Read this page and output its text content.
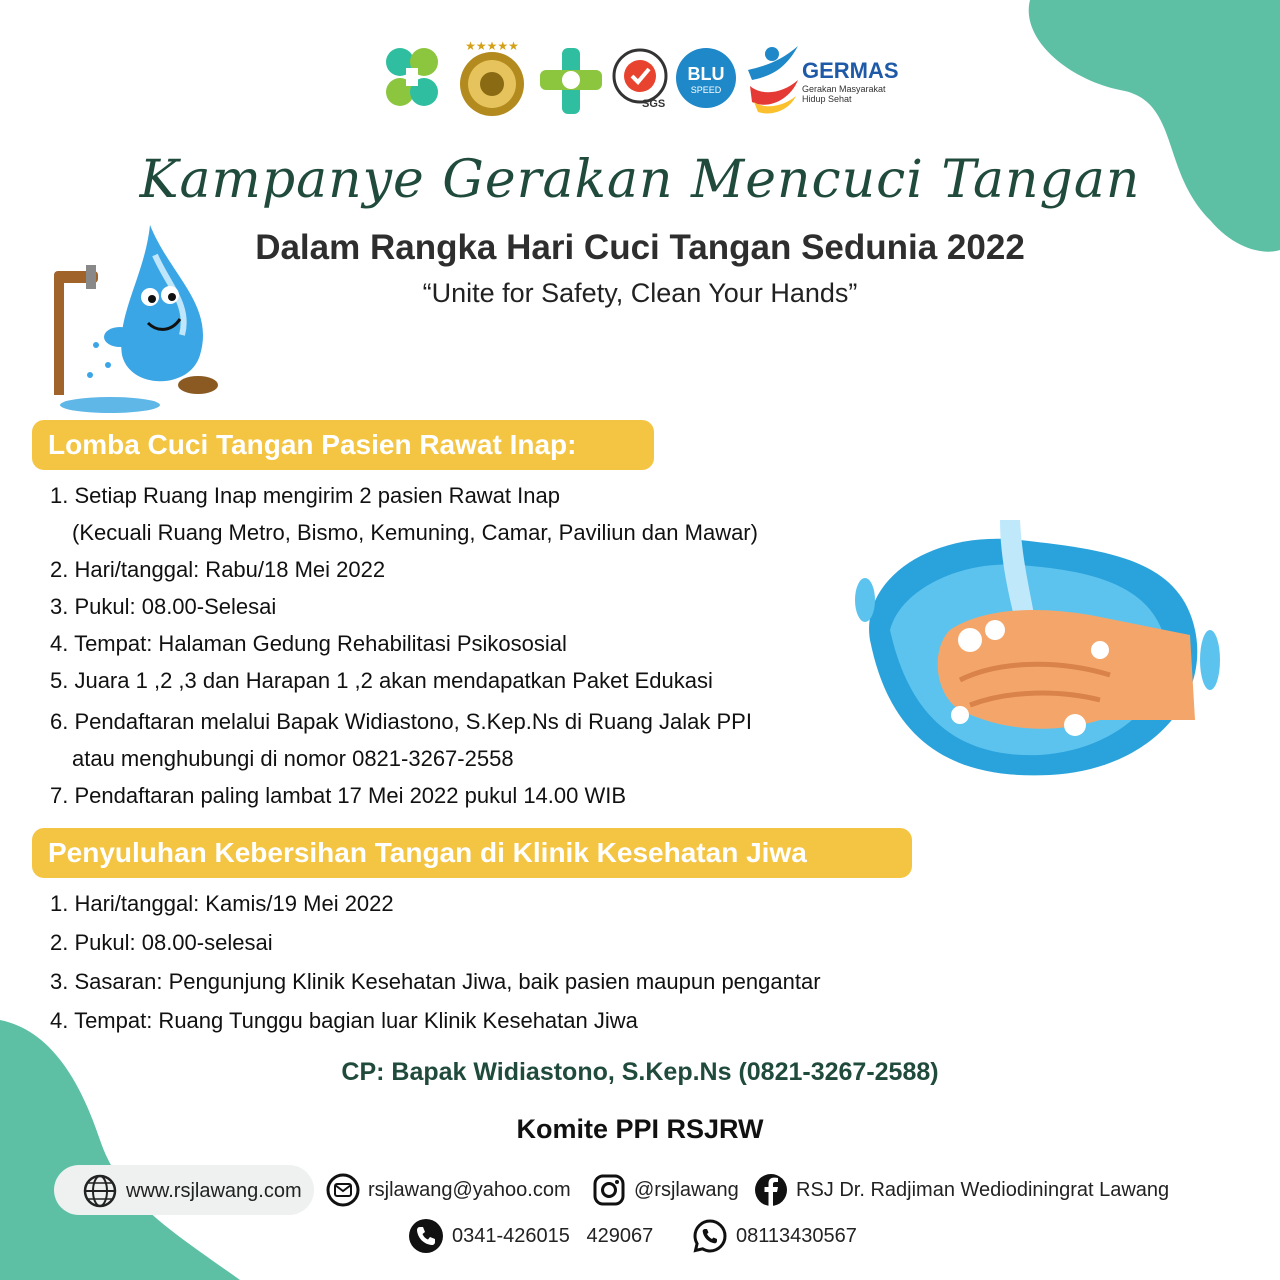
★★★★★
SGS
BLU
SPEED
GERMAS
Gerakan Masyarakat Hidup Sehat
Kampanye Gerakan Mencuci Tangan
Dalam Rangka Hari Cuci Tangan Sedunia 2022
“Unite for Safety, Clean Your Hands”
Lomba Cuci Tangan Pasien Rawat Inap:
1. Setiap Ruang Inap mengirim 2 pasien Rawat Inap
(Kecuali Ruang Metro, Bismo, Kemuning, Camar, Paviliun dan Mawar)
2. Hari/tanggal: Rabu/18 Mei 2022
3. Pukul: 08.00-Selesai
4. Tempat: Halaman Gedung Rehabilitasi Psikososial
5. Juara 1 ,2 ,3 dan Harapan 1 ,2 akan mendapatkan Paket Edukasi
6. Pendaftaran melalui Bapak Widiastono, S.Kep.Ns di Ruang Jalak PPI
atau menghubungi di nomor 0821-3267-2558
7. Pendaftaran paling lambat 17 Mei 2022 pukul 14.00 WIB
Penyuluhan Kebersihan Tangan di Klinik Kesehatan Jiwa
1. Hari/tanggal: Kamis/19 Mei 2022
2. Pukul: 08.00-selesai
3. Sasaran: Pengunjung Klinik Kesehatan Jiwa, baik pasien maupun pengantar
4. Tempat: Ruang Tunggu bagian luar Klinik Kesehatan Jiwa
CP: Bapak Widiastono, S.Kep.Ns (0821-3267-2588)
Komite PPI RSJRW
www.rsjlawang.com	rsjlawang@yahoo.com	@rsjlawang	RSJ Dr. Radjiman Wediodiningrat Lawang
0341-426015   429067	08113430567
